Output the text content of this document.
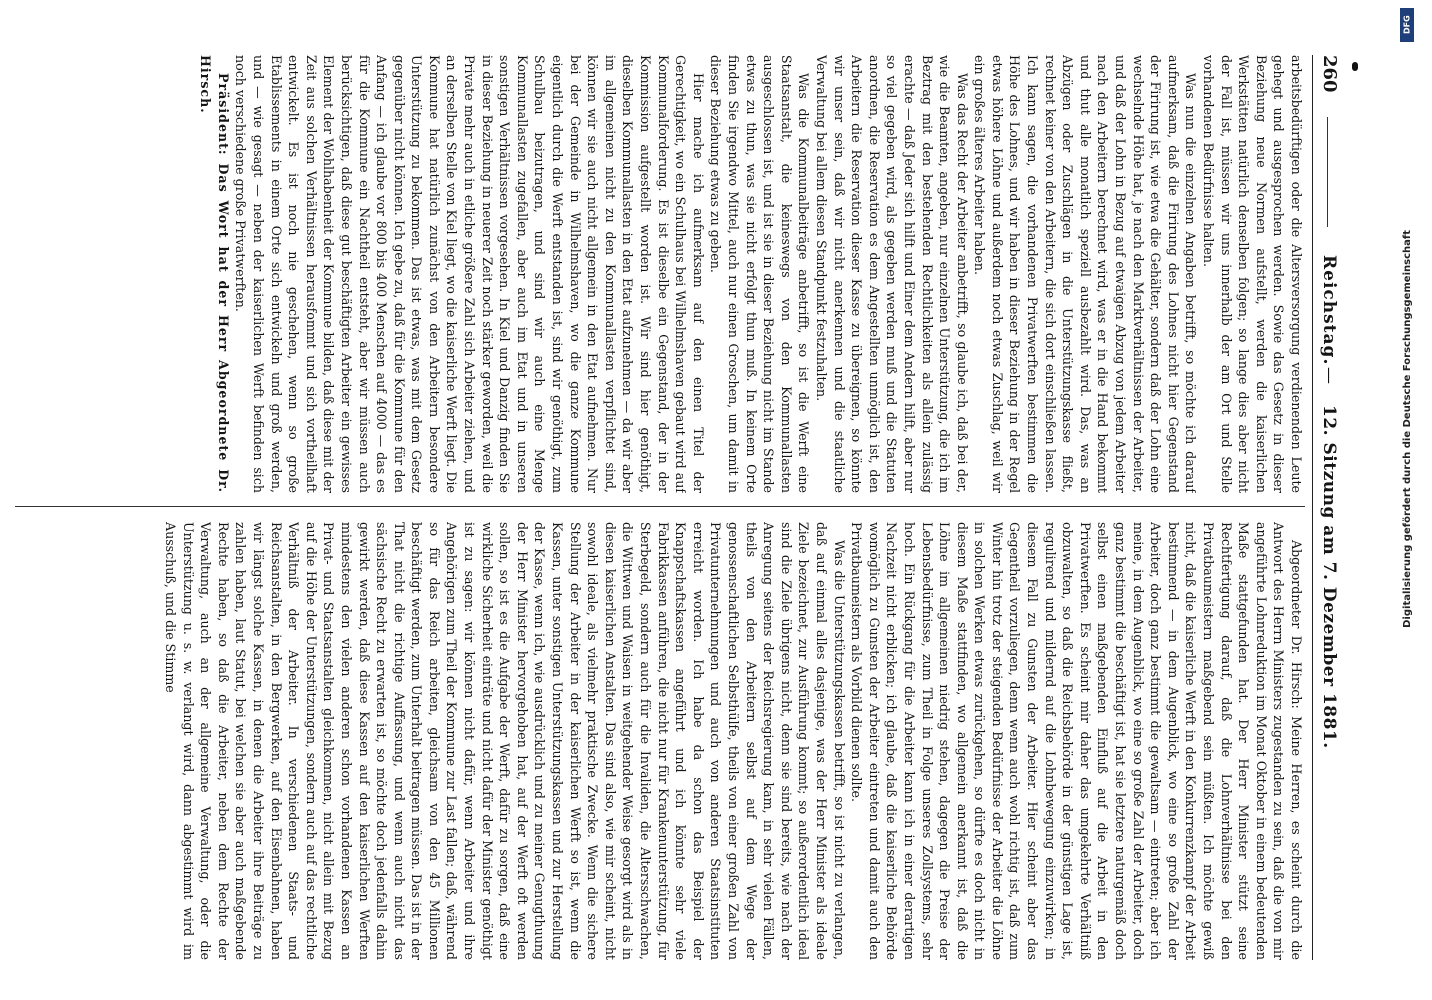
260
Reichstag.
—
12. Sitzung am 7. Dezember 1881.

arbeitsbedürftigen oder die Altersversorgung verdienenden Leute gehegt und ausgesprochen werden. Sowie das Gesetz in dieser Beziehung neue Normen aufstellt, werden die kaiserlichen Werkstätten natürlich denselben folgen; so lange dies aber nicht der Fall ist, müssen wir uns innerhalb der am Ort und Stelle vorhandenen Bedürfnisse halten.

Was nun die einzelnen Angaben betrifft, so möchte ich darauf aufmerksam, daß die Firirung des Lohnes nicht hier Gegenstand der Firirung ist, wie etwa die Gehälter, sondern daß der Lohn eine wechselnde Höhe hat, je nach den Marktverhältnissen der Arbeiter, und daß der Lohn in Bezug auf etwaigen Abzug von jedem Arbeiter nach den Arbeitern berechnet wird, was er in die Hand bekommt und thut alle monatlich speziell ausbezahlt wird. Das, was an Abzügen oder Zuschlägen in die Unterstützungskasse fließt, rechnet keiner von den Arbeitern, die sich dort einschließen lassen. Ich kann sagen, die vorhandenen Privatwerften bestimmen die Höhe des Lohnes, und wir haben in dieser Beziehung in der Regel etwas höhere Löhne und außerdem noch etwas Zuschlag, weil wir ein großes älteres Arbeiter haben.

Was das Recht der Arbeiter anbetrifft, so glaube ich, daß bei der, wie die Beamten, angeben, nur einzelnen Unterstützung, die ich im Beztrag mit den bestehenden Rechtlichkeiten als allein zulässig erachte — daß Jeder sich hilft und Einer dem Andern hilft, aber nur so viel gegeben wird, als gegeben werden muß und die Statuten anordnen, die Reservation es dem Angestellten unmöglich ist, den Arbeitern die Reservation dieser Kasse zu übereignen, so könnte wir unser sein, daß wir nicht anerkennen und die staatliche Verwaltung bei allem diesen Standpunkt festzuhalten.

Was die Kommunalbeiträge anbetrifft, so ist die Werft eine Staatsanstalt, die keineswegs von den Kommunallasten ausgeschlossen ist, und ist sie in dieser Beziehung nicht im Stande etwas zu thun, was sie nicht erfolgt thun muß. In keinem Orte finden Sie irgendwo Mittel, auch nur einen Groschen, um damit in dieser Beziehung etwas zu geben.

Hier mache ich aufmerksam auf den einen Titel der Gerechtigkeit, wo ein Schulhaus bei Wilhelmshaven gebaut wird auf Kommunalforderung. Es ist dieselbe ein Gegenstand, der in der Kommission aufgestellt worden ist. Wir sind hier genöthigt, dieselben Kommunallasten in den Etat aufzunehmen — da wir aber im allgemeinen nicht zu den Kommunallasten verpflichtet sind, können wir sie auch nicht allgemein in den Etat aufnehmen. Nur bei der Gemeinde in Wilhelmshaven, wo die ganze Kommune eigentlich durch die Werft entstanden ist, sind wir genöthigt, zum Schulbau beizutragen, und sind wir auch eine Menge Kommunallasten zugefallen, aber auch im Etat und in unseren sonstigen Verhältnissen vorgesehen. In Kiel und Danzig finden Sie in dieser Beziehung in neuerer Zeit noch stärker geworden, weil die Private mehr auch in etliche größere Zahl sich Arbeiter ziehen, und an derselben Stelle von Kiel liegt, wo die kaiserliche Werft liegt. Die Kommune hat natürlich zunächst von den Arbeitern besondere Unterstützung zu bekommen. Das ist etwas, was mit dem Gesetz gegenüber nicht können. Ich gebe zu, daß für die Kommune für den Anfang — ich glaube vor 800 bis 400 Menschen auf 4000 — das es für die Kommune ein Nachtheil entsteht, aber wir müssen auch berücksichtigen, daß diese gut beschäftigten Arbeiter ein gewisses Element der Wohlhabenheit der Kommune bilden, daß diese mit der Zeit aus solchen Verhältnissen herausfommt und sich vortheilhaft entwickelt. Es ist noch nie geschehen, wenn so große Etablissements in einem Orte sich entwickeln und groß werden, und — wie gesagt — neben der kaiserlichen Werft befinden sich noch verschiedene große Privatwerften.

Präsident: Das Wort hat der Herr Abgeordnete Dr. Hirsch.

Abgeordneter Dr. Hirsch: Meine Herren, es scheint durch die Antwort des Herrn Ministers zugestanden zu sein, daß die von mir angeführte Lohnreduktion im Monat Oktober in einem bedeutenden Maße stattgefunden hat. Der Herr Minister stützt seine Rechtfertigung darauf, daß die Lohnverhältnisse bei den Privatbaumeistern maßgebend sein müßten. Ich möchte gewiß nicht, daß die kaiserliche Werft in den Konkurrenzkampf der Arbeit bestimmend — in dem Augenblick, wo eine so große Zahl der Arbeiter, doch ganz bestimmt die gewaltsam — eintreten; aber ich meine, in dem Augenblick, wo eine so große Zahl der Arbeiter, doch ganz bestimmt die beschäftigt ist, hat sie letztere naturgemäß doch selbst einen maßgebenden Einfluß auf die Arbeit in den Privatwerften. Es scheint mir daher das umgekehrte Verhältniß obzuwalten, so daß die Reichsbehörde in der günstigen Lage ist, regulirend und mildernd auf die Lohnbewegung einzuwirken; in diesem Fall zu Gunsten der Arbeiter. Hier scheint aber das Gegentheil vorzuliegen, denn wenn auch wohl richtig ist, daß zum Winter hin trotz der steigenden Bedürfnisse der Arbeiter die Löhne in solchen Werken etwas zurückgehen, so dürfte es doch nicht in diesem Maße stattfinden, wo allgemein anerkannt ist, daß die Löhne im allgemeinen niedrig stehen, dagegen die Preise der Lebensbedürfnisse, zum Theil in Folge unseres Zollsystems, sehr hoch. Ein Rückgang für die Arbeiter kann ich in einer derartigen Nachzeit nicht erblicken; ich glaube, daß die kaiserliche Behörde womöglich zu Gunsten der Arbeiter eintreten und damit auch den Privatbaumeistern als Vorbild dienen sollte.

Was die Unterstützungskassen betrifft, so ist nicht zu verlangen, daß auf einmal alles dasjenige, was der Herr Minister als ideale Ziele bezeichnet, zur Ausführung kommt; so außerordentlich ideal sind die Ziele übrigens nicht, denn sie sind bereits, wie nach der Anregung seitens der Reichsregierung kam, in sehr vielen Fällen, theils von den Arbeitern selbst auf dem Wege der genossenschaftlichen Selbsthülfe, theils von einer großen Zahl von Privatunternehmungen und auch von anderen Staatsinstituten erreicht worden. Ich habe da schon das Beispiel der Knappschaftskassen angeführt und ich könnte sehr viele Fabrikkassen anführen, die nicht nur für Krankenunterstützung, für Sterbegeld, sondern auch für die Invaliden, die Altersschwachen, die Wittwen und Waisen in weitgehender Weise gesorgt wird als in diesen kaiserlichen Anstalten. Das sind also, wie mir scheint, nicht sowohl ideale, als vielmehr praktische Zwecke. Wenn die sichere Stellung der Arbeiter in der kaiserlichen Werft so ist, wenn die Kassen, unter sonstigen Unterstützungskassen und zur Herstellung der Kasse, wenn ich, wie ausdrücklich und zu meiner Genugthuung der Herr Minister hervorgehoben hat, auf der Werft oft werden sollen, so ist es die Aufgabe der Werft, dafür zu sorgen, daß eine wirkliche Sicherheit einträte und nicht dafür der Minister genöthigt ist zu sagen: wir können nicht dafür, wenn Arbeiter und ihre Angehörigen zum Theil der Kommune zur Last fallen; daß, während so für das Reich arbeiten, gleichsam von den 45 Millionen beschäftigt werden, zum Unterhalt beitragen müssen. Das ist in der That nicht die richtige Auffassung, und wenn auch nicht das sächsische Recht zu erwarten ist, so möchte doch jedenfalls dahin gewirkt werden, daß diese Kassen auf den kaiserlichen Werften mindestens den vielen anderen schon vorhandenen Kassen an Privat- und Staatsanstalten gleichkommen, nicht allein mit Bezug auf die Höhe der Unterstützungen, sondern auch auf das rechtliche Verhältniß der Arbeiter. In verschiedenen Staats- und Reichsanstalten, in den Bergwerken, auf den Eisenbahnen, haben wir längst solche Kassen, in denen die Arbeiter ihre Beiträge zu zahlen haben, laut Statut, bei welchen sie aber auch maßgebende Rechte haben, so daß die Arbeiter, neben dem Rechte der Verwaltung, auch an der allgemeine Verwaltung, oder die Unterstützung u. s. w. verlangt wird, dann abgestimmt wird im Ausschuß, und die Stimme

DFG
Digitalisierung gefördert durch die Deutsche Forschungsgemeinschaft
